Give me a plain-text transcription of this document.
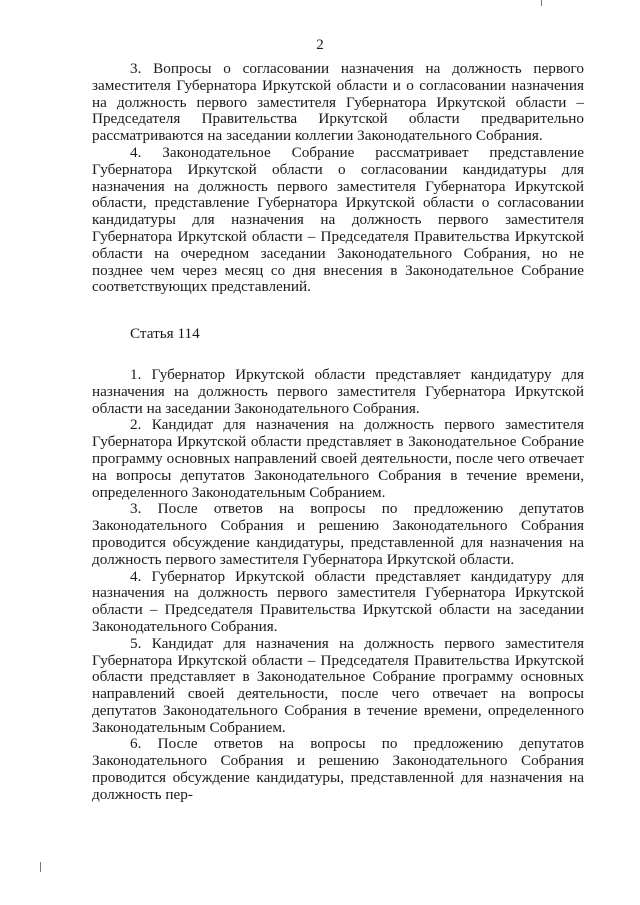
2

3. Вопросы о согласовании назначения на должность первого заместителя Губернатора Иркутской области и о согласовании назначения на должность первого заместителя Губернатора Иркутской области – Председателя Правительства Иркутской области предварительно рассматриваются на заседании коллегии Законодательного Собрания.

4. Законодательное Собрание рассматривает представление Губернатора Иркутской области о согласовании кандидатуры для назначения на должность первого заместителя Губернатора Иркутской области, представление Губернатора Иркутской области о согласовании кандидатуры для назначения на должность первого заместителя Губернатора Иркутской области – Председателя Правительства Иркутской области на очередном заседании Законодательного Собрания, но не позднее чем через месяц со дня внесения в Законодательное Собрание соответствующих представлений.

Статья 114

1. Губернатор Иркутской области представляет кандидатуру для назначения на должность первого заместителя Губернатора Иркутской области на заседании Законодательного Собрания.

2. Кандидат для назначения на должность первого заместителя Губернатора Иркутской области представляет в Законодательное Собрание программу основных направлений своей деятельности, после чего отвечает на вопросы депутатов Законодательного Собрания в течение времени, определенного Законодательным Собранием.

3. После ответов на вопросы по предложению депутатов Законодательного Собрания и решению Законодательного Собрания проводится обсуждение кандидатуры, представленной для назначения на должность первого заместителя Губернатора Иркутской области.

4. Губернатор Иркутской области представляет кандидатуру для назначения на должность первого заместителя Губернатора Иркутской области – Председателя Правительства Иркутской области на заседании Законодательного Собрания.

5. Кандидат для назначения на должность первого заместителя Губернатора Иркутской области – Председателя Правительства Иркутской области представляет в Законодательное Собрание программу основных направлений своей деятельности, после чего отвечает на вопросы депутатов Законодательного Собрания в течение времени, определенного Законодательным Собранием.

6. После ответов на вопросы по предложению депутатов Законодательного Собрания и решению Законодательного Собрания проводится обсуждение кандидатуры, представленной для назначения на должность пер-
